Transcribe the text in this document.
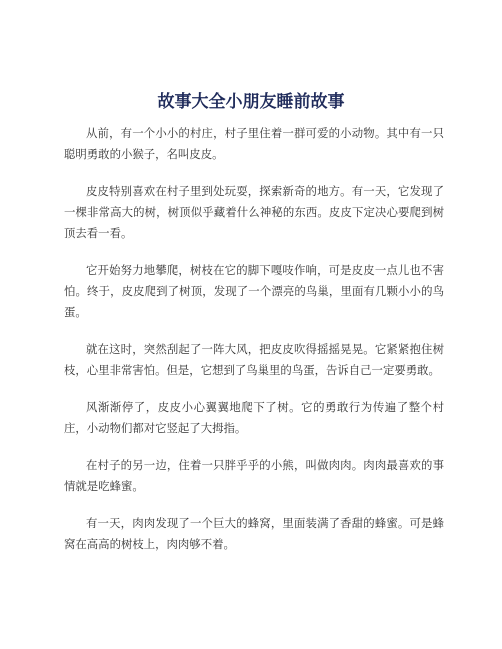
故事大全小朋友睡前故事

从前，有一个小小的村庄，村子里住着一群可爱的小动物。其中有一只聪明勇敢的小猴子，名叫皮皮。

皮皮特别喜欢在村子里到处玩耍，探索新奇的地方。有一天，它发现了一棵非常高大的树，树顶似乎藏着什么神秘的东西。皮皮下定决心要爬到树顶去看一看。

它开始努力地攀爬，树枝在它的脚下嘎吱作响，可是皮皮一点儿也不害怕。终于，皮皮爬到了树顶，发现了一个漂亮的鸟巢，里面有几颗小小的鸟蛋。

就在这时，突然刮起了一阵大风，把皮皮吹得摇摇晃晃。它紧紧抱住树枝，心里非常害怕。但是，它想到了鸟巢里的鸟蛋，告诉自己一定要勇敢。

风渐渐停了，皮皮小心翼翼地爬下了树。它的勇敢行为传遍了整个村庄，小动物们都对它竖起了大拇指。

在村子的另一边，住着一只胖乎乎的小熊，叫做肉肉。肉肉最喜欢的事情就是吃蜂蜜。

有一天，肉肉发现了一个巨大的蜂窝，里面装满了香甜的蜂蜜。可是蜂窝在高高的树枝上，肉肉够不着。
